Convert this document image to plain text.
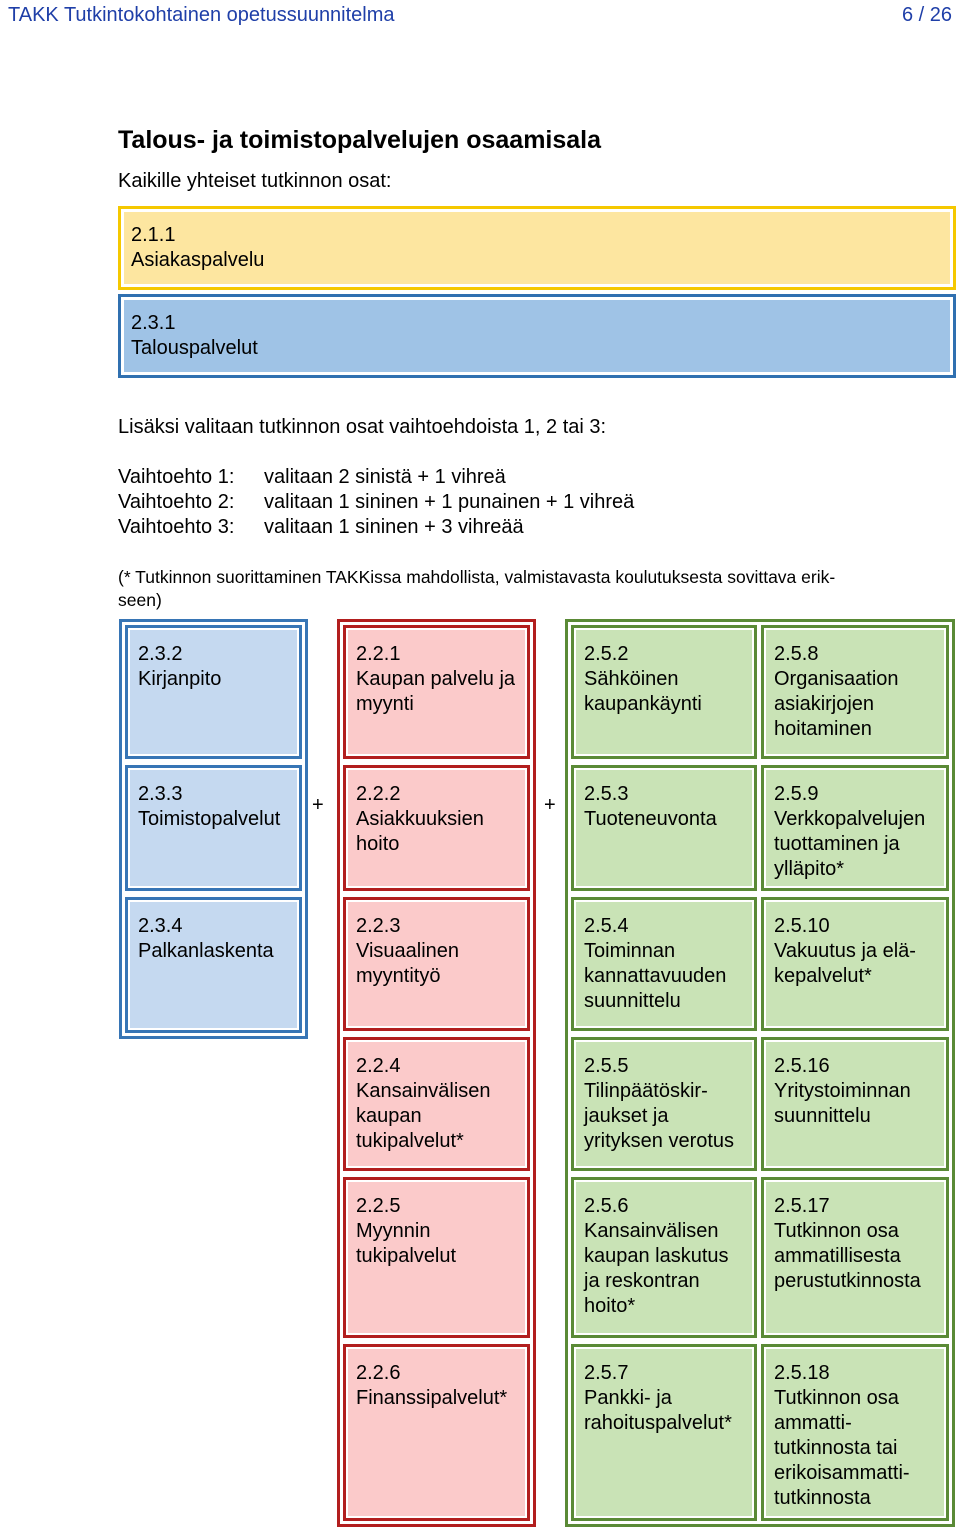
TAKK Tutkintokohtainen opetussuunnitelma	6 / 26
Talous- ja toimistopalvelujen osaamisala
Kaikille yhteiset tutkinnon osat:
2.1.1
Asiakaspalvelu
2.3.1
Talouspalvelut
Lisäksi valitaan tutkinnon osat vaihtoehdoista 1, 2 tai 3:
Vaihtoehto 1: valitaan 2 sinistä + 1 vihreä
Vaihtoehto 2: valitaan 1 sininen + 1 punainen + 1 vihreä
Vaihtoehto 3: valitaan 1 sininen + 3 vihreää
(* Tutkinnon suorittaminen TAKKissa mahdollista, valmistavasta koulutuksesta sovittava erik-
seen)
+	+
2.3.2
Kirjanpito
2.3.3
Toimistopalvelut
2.3.4
Palkanlaskenta
2.2.1
Kaupan palvelu ja myynti
2.2.2
Asiakkuuksien hoito
2.2.3
Visuaalinen myyntityö
2.2.4
Kansainvälisen kaupan tukipalvelut*
2.2.5
Myynnin tukipalvelut
2.2.6
Finanssipalvelut*
2.5.2
Sähköinen kaupankäynti
2.5.3
Tuoteneuvonta
2.5.4
Toiminnan kannattavuuden suunnittelu
2.5.5
Tilinpäätöskir-jaukset ja yrityksen verotus
2.5.6
Kansainvälisen kaupan laskutus ja reskontran hoito*
2.5.7
Pankki- ja rahoituspalvelut*
2.5.8
Organisaation asiakirjojen hoitaminen
2.5.9
Verkkopalvelujen tuottaminen ja ylläpito*
2.5.10
Vakuutus ja elä-kepalvelut*
2.5.16
Yritystoiminnan suunnittelu
2.5.17
Tutkinnon osa ammatillisesta perustutkinnosta
2.5.18
Tutkinnon osa ammatti-tutkinnosta tai erikoisammatti-tutkinnosta
